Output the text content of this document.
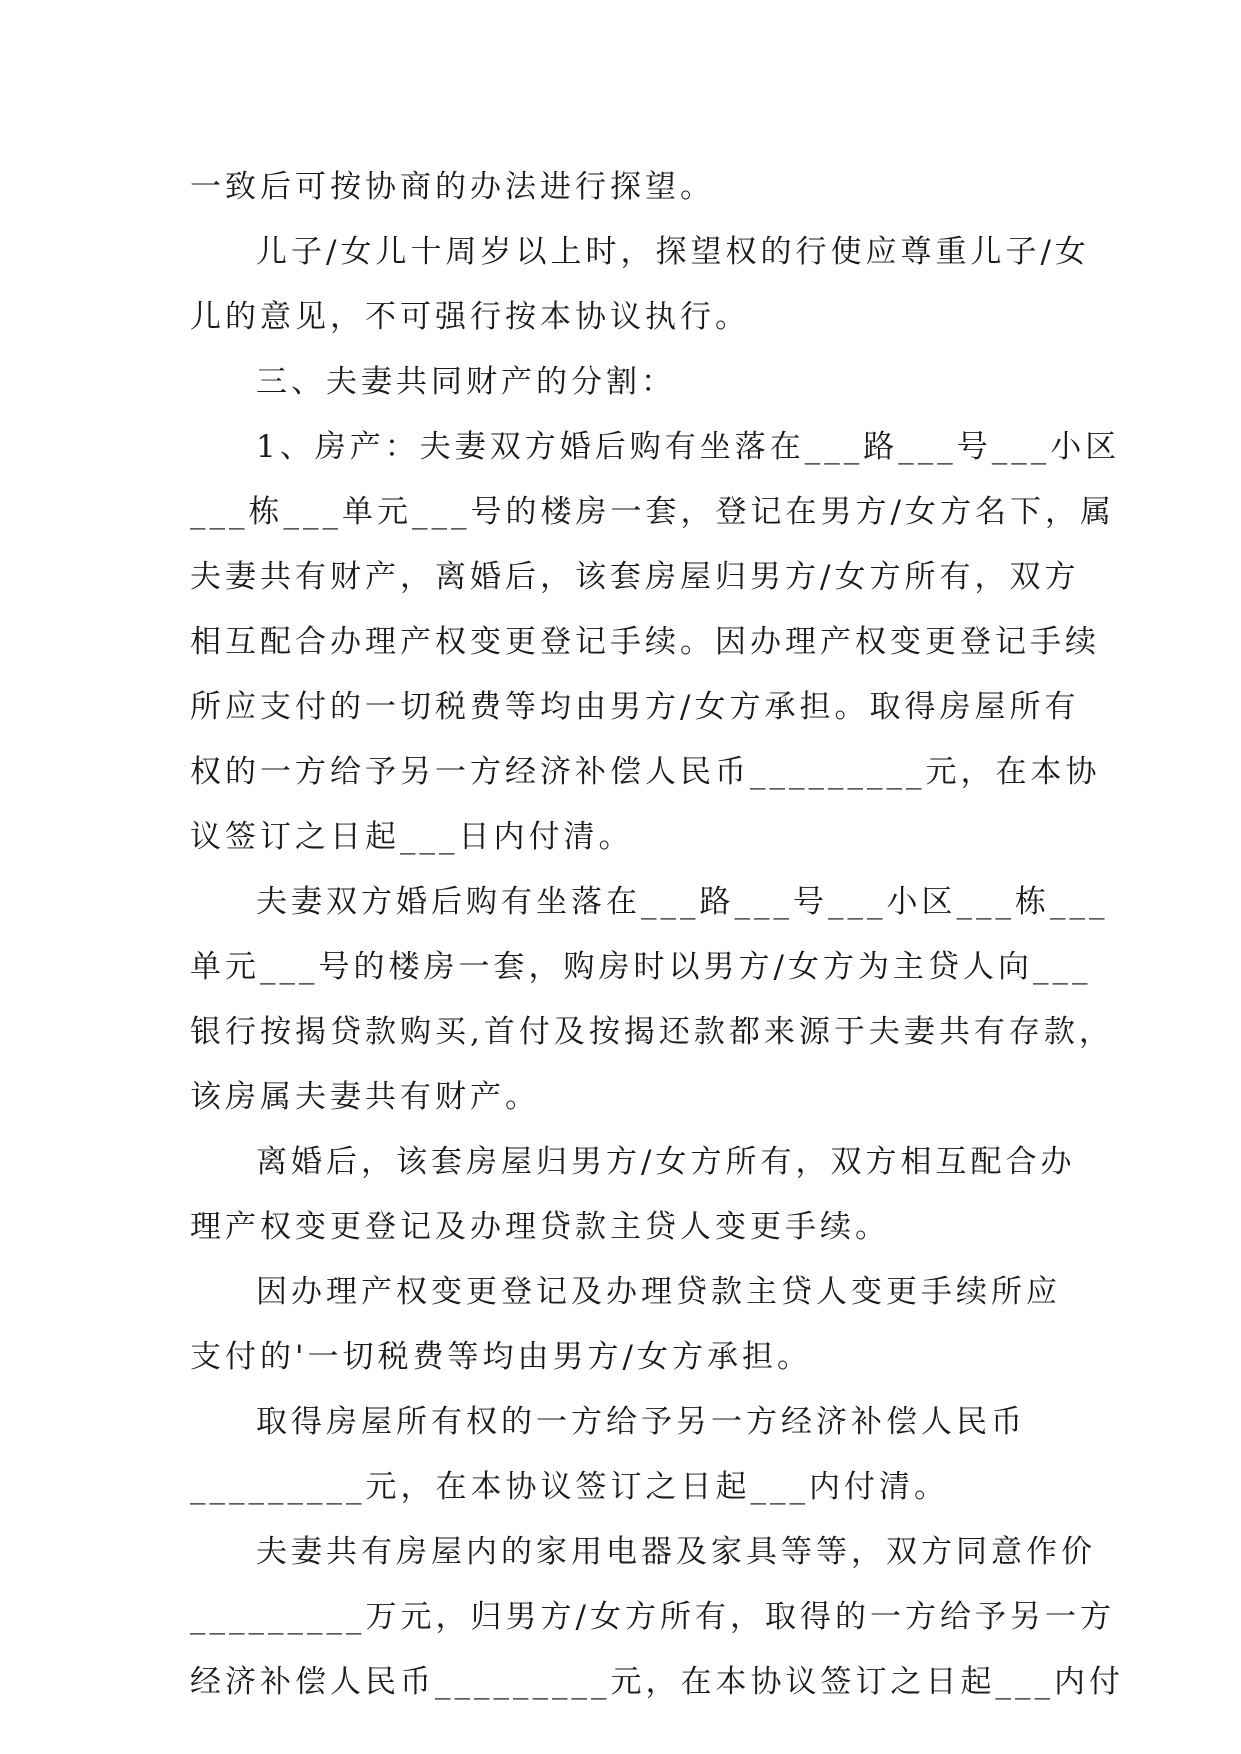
一致后可按协商的办法进行探望。
儿子/女儿十周岁以上时，探望权的行使应尊重儿子/女
儿的意见，不可强行按本协议执行。
三、夫妻共同财产的分割：
1、房产：夫妻双方婚后购有坐落在___路___号___小区
___栋___单元___号的楼房一套，登记在男方/女方名下，属
夫妻共有财产，离婚后，该套房屋归男方/女方所有，双方
相互配合办理产权变更登记手续。因办理产权变更登记手续
所应支付的一切税费等均由男方/女方承担。取得房屋所有
权的一方给予另一方经济补偿人民币_________元，在本协
议签订之日起___日内付清。
夫妻双方婚后购有坐落在___路___号___小区___栋___
单元___号的楼房一套，购房时以男方/女方为主贷人向___
银行按揭贷款购买,首付及按揭还款都来源于夫妻共有存款，
该房属夫妻共有财产。
离婚后，该套房屋归男方/女方所有，双方相互配合办
理产权变更登记及办理贷款主贷人变更手续。
因办理产权变更登记及办理贷款主贷人变更手续所应
支付的'一切税费等均由男方/女方承担。
取得房屋所有权的一方给予另一方经济补偿人民币
_________元，在本协议签订之日起___内付清。
夫妻共有房屋内的家用电器及家具等等，双方同意作价
_________万元，归男方/女方所有，取得的一方给予另一方
经济补偿人民币_________元，在本协议签订之日起___内付
